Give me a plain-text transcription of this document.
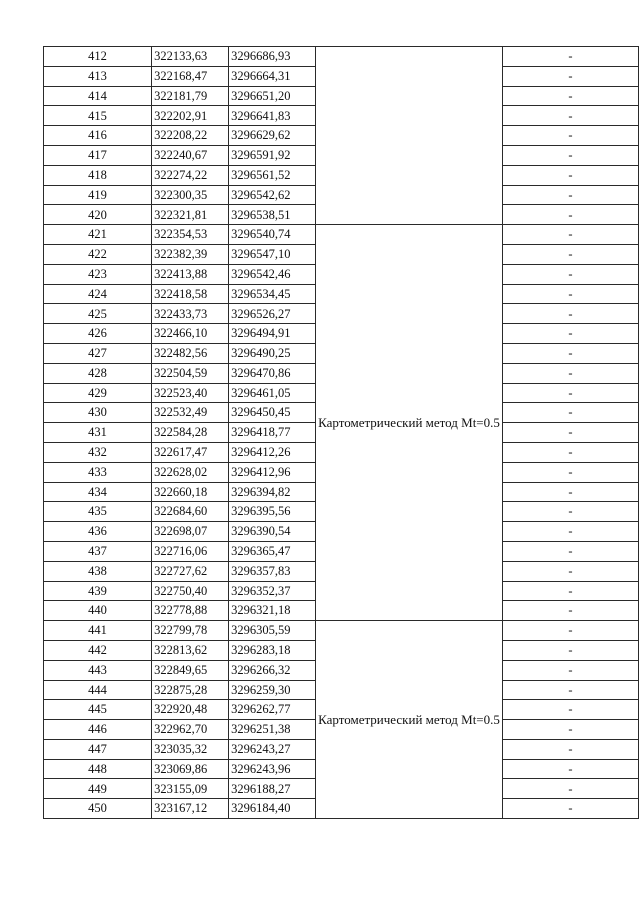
412	322133,63	3296686,93		-
413	322168,47	3296664,31		-
414	322181,79	3296651,20		-
415	322202,91	3296641,83		-
416	322208,22	3296629,62		-
417	322240,67	3296591,92		-
418	322274,22	3296561,52		-
419	322300,35	3296542,62		-
420	322321,81	3296538,51		-
421	322354,53	3296540,74	Картометрический метод Mt=0.5	-
422	322382,39	3296547,10		-
423	322413,88	3296542,46		-
424	322418,58	3296534,45		-
425	322433,73	3296526,27		-
426	322466,10	3296494,91		-
427	322482,56	3296490,25		-
428	322504,59	3296470,86		-
429	322523,40	3296461,05		-
430	322532,49	3296450,45		-
431	322584,28	3296418,77		-
432	322617,47	3296412,26		-
433	322628,02	3296412,96		-
434	322660,18	3296394,82		-
435	322684,60	3296395,56		-
436	322698,07	3296390,54		-
437	322716,06	3296365,47		-
438	322727,62	3296357,83		-
439	322750,40	3296352,37		-
440	322778,88	3296321,18		-
441	322799,78	3296305,59	Картометрический метод Mt=0.5	-
442	322813,62	3296283,18		-
443	322849,65	3296266,32		-
444	322875,28	3296259,30		-
445	322920,48	3296262,77		-
446	322962,70	3296251,38		-
447	323035,32	3296243,27		-
448	323069,86	3296243,96		-
449	323155,09	3296188,27		-
450	323167,12	3296184,40		-
